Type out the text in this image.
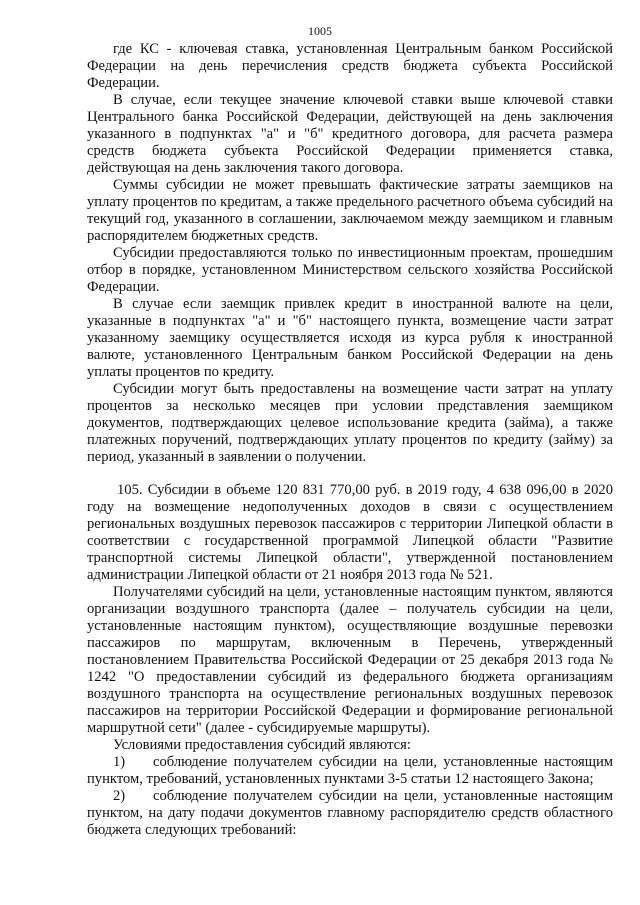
1005

где КС - ключевая ставка, установленная Центральным банком Российской Федерации на день перечисления средств бюджета субъекта Российской Федерации.

В случае, если текущее значение ключевой ставки выше ключевой ставки Центрального банка Российской Федерации, действующей на день заключения указанного в подпунктах "а" и "б" кредитного договора, для расчета размера средств бюджета субъекта Российской Федерации применяется ставка, действующая на день заключения такого договора.

Суммы субсидии не может превышать фактические затраты заемщиков на уплату процентов по кредитам, а также предельного расчетного объема субсидий на текущий год, указанного в соглашении, заключаемом между заемщиком и главным распорядителем бюджетных средств.

Субсидии предоставляются только по инвестиционным проектам, прошедшим отбор в порядке, установленном Министерством сельского хозяйства Российской Федерации.

В случае если заемщик привлек кредит в иностранной валюте на цели, указанные в подпунктах "а" и "б" настоящего пункта, возмещение части затрат указанному заемщику осуществляется исходя из курса рубля к иностранной валюте, установленного Центральным банком Российской Федерации на день уплаты процентов по кредиту.

Субсидии могут быть предоставлены на возмещение части затрат на уплату процентов за несколько месяцев при условии представления заемщиком документов, подтверждающих целевое использование кредита (займа), а также платежных поручений, подтверждающих уплату процентов по кредиту (займу) за период, указанный в заявлении о получении.

105. Субсидии в объеме 120 831 770,00 руб. в 2019 году, 4 638 096,00 в 2020 году на возмещение недополученных доходов в связи с осуществлением региональных воздушных перевозок пассажиров с территории Липецкой области в соответствии с государственной программой Липецкой области "Развитие транспортной системы Липецкой области", утвержденной постановлением администрации Липецкой области от 21 ноября 2013 года № 521.

Получателями субсидий на цели, установленные настоящим пунктом, являются организации воздушного транспорта (далее – получатель субсидии на цели, установленные настоящим пунктом), осуществляющие воздушные перевозки пассажиров по маршрутам, включенным в Перечень, утвержденный постановлением Правительства Российской Федерации от 25 декабря 2013 года № 1242 "О предоставлении субсидий из федерального бюджета организациям воздушного транспорта на осуществление региональных воздушных перевозок пассажиров на территории Российской Федерации и формирование региональной маршрутной сети" (далее - субсидируемые маршруты).

Условиями предоставления субсидий являются:

1) соблюдение получателем субсидии на цели, установленные настоящим пунктом, требований, установленных пунктами 3-5 статьи 12 настоящего Закона;

2) соблюдение получателем субсидии на цели, установленные настоящим пунктом, на дату подачи документов главному распорядителю средств областного бюджета следующих требований:
